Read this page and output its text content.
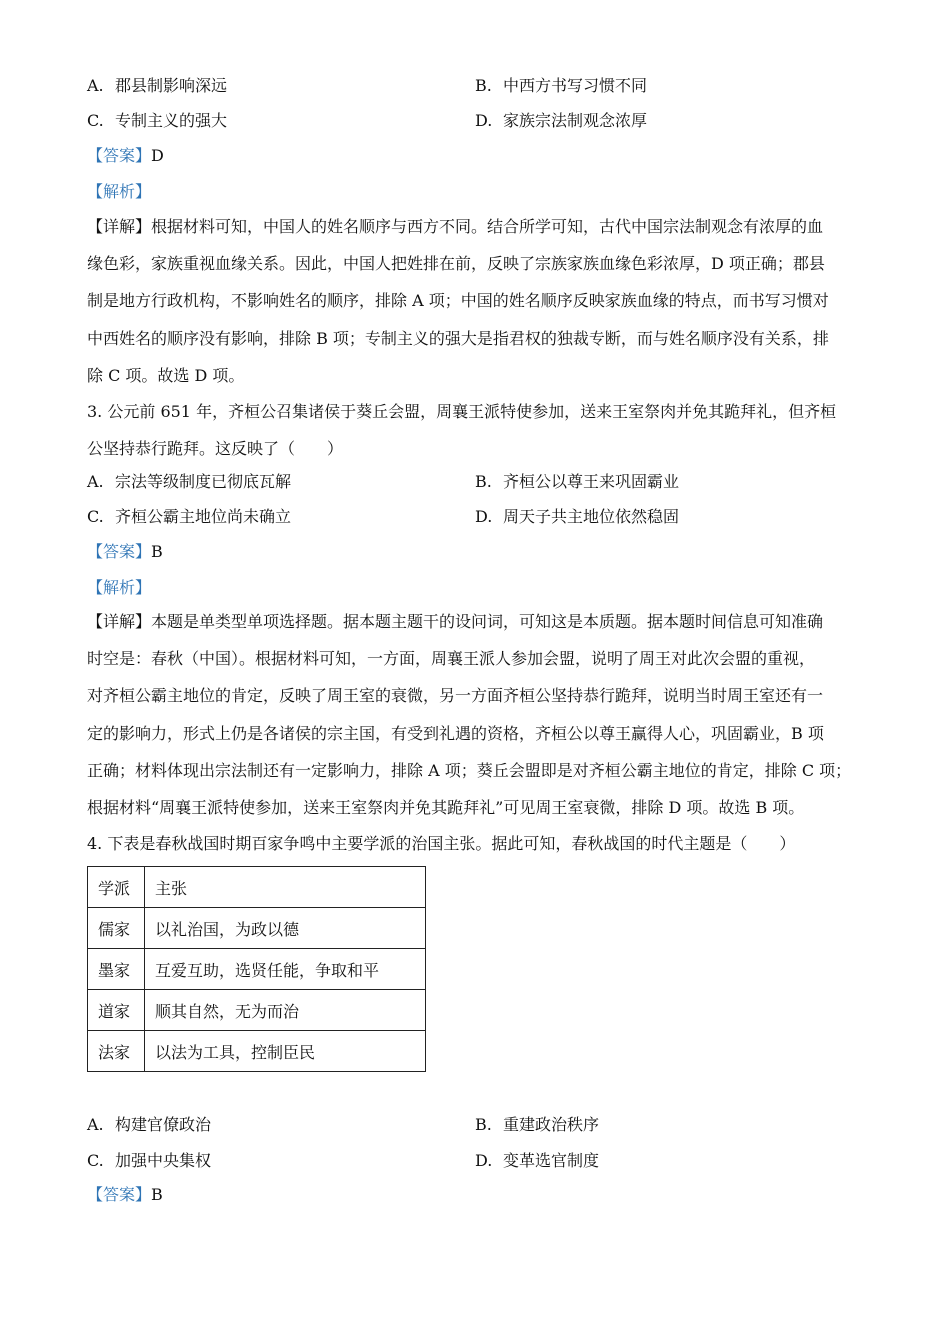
A. 郡县制影响深远	B. 中西方书写习惯不同
C. 专制主义的强大	D. 家族宗法制观念浓厚
【答案】D
【解析】
【详解】根据材料可知，中国人的姓名顺序与西方不同。结合所学可知，古代中国宗法制观念有浓厚的血
缘色彩，家族重视血缘关系。因此，中国人把姓排在前，反映了宗族家族血缘色彩浓厚，D 项正确；郡县
制是地方行政机构，不影响姓名的顺序，排除 A 项；中国的姓名顺序反映家族血缘的特点，而书写习惯对
中西姓名的顺序没有影响，排除 B 项；专制主义的强大是指君权的独裁专断，而与姓名顺序没有关系，排
除 C 项。故选 D 项。
3. 公元前 651 年，齐桓公召集诸侯于葵丘会盟，周襄王派特使参加，送来王室祭肉并免其跪拜礼，但齐桓
公坚持恭行跪拜。这反映了（　　）
A. 宗法等级制度已彻底瓦解	B. 齐桓公以尊王来巩固霸业
C. 齐桓公霸主地位尚未确立	D. 周天子共主地位依然稳固
【答案】B
【解析】
【详解】本题是单类型单项选择题。据本题主题干的设问词，可知这是本质题。据本题时间信息可知准确
时空是：春秋（中国）。根据材料可知，一方面，周襄王派人参加会盟，说明了周王对此次会盟的重视，
对齐桓公霸主地位的肯定，反映了周王室的衰微，另一方面齐桓公坚持恭行跪拜，说明当时周王室还有一
定的影响力，形式上仍是各诸侯的宗主国，有受到礼遇的资格，齐桓公以尊王赢得人心，巩固霸业，B 项
正确；材料体现出宗法制还有一定影响力，排除 A 项；葵丘会盟即是对齐桓公霸主地位的肯定，排除 C 项；
根据材料“周襄王派特使参加，送来王室祭肉并免其跪拜礼”可见周王室衰微，排除 D 项。故选 B 项。
4. 下表是春秋战国时期百家争鸣中主要学派的治国主张。据此可知，春秋战国的时代主题是（　　）
学派	主张
儒家	以礼治国，为政以德
墨家	互爱互助，选贤任能，争取和平
道家	顺其自然，无为而治
法家	以法为工具，控制臣民
A. 构建官僚政治	B. 重建政治秩序
C. 加强中央集权	D. 变革选官制度
【答案】B
